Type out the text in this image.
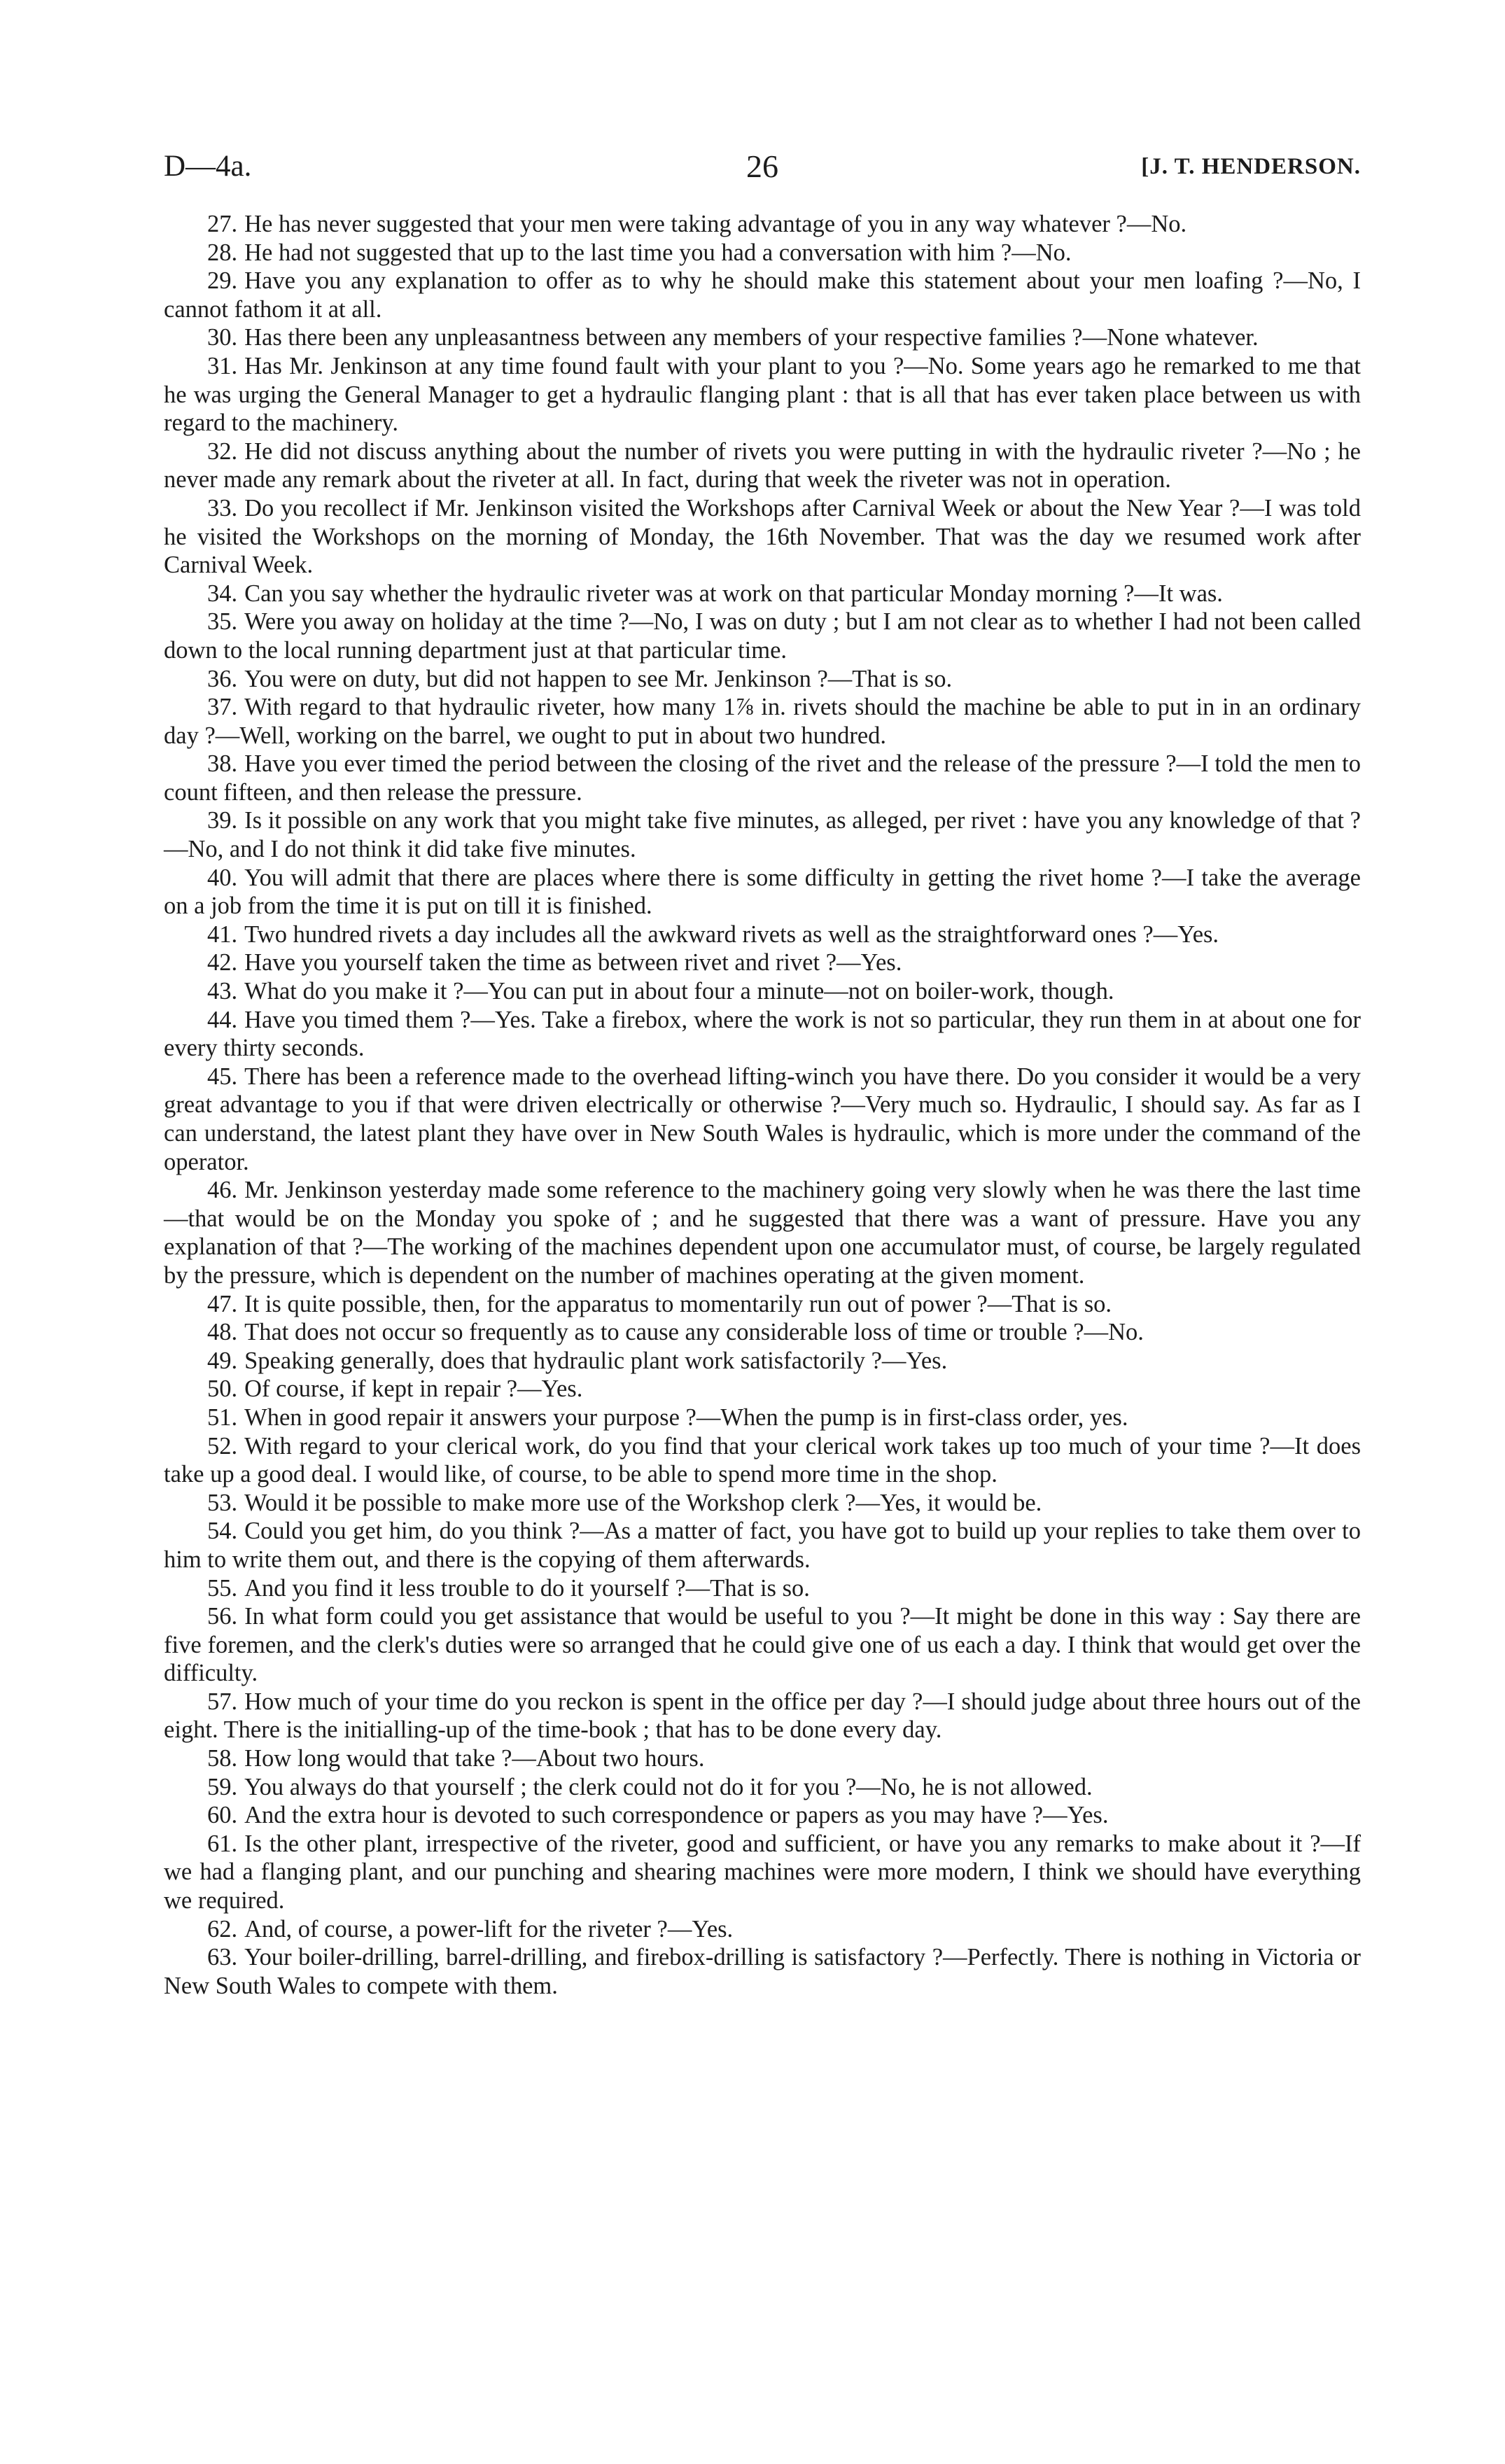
D—4a.	26	[J. T. HENDERSON.

27. He has never suggested that your men were taking advantage of you in any way whatever ?—No.

28. He had not suggested that up to the last time you had a conversation with him ?—No.

29. Have you any explanation to offer as to why he should make this statement about your men loafing ?—No, I cannot fathom it at all.

30. Has there been any unpleasantness between any members of your respective families ?—None whatever.

31. Has Mr. Jenkinson at any time found fault with your plant to you ?—No. Some years ago he remarked to me that he was urging the General Manager to get a hydraulic flanging plant : that is all that has ever taken place between us with regard to the machinery.

32. He did not discuss anything about the number of rivets you were putting in with the hydraulic riveter ?—No ; he never made any remark about the riveter at all. In fact, during that week the riveter was not in operation.

33. Do you recollect if Mr. Jenkinson visited the Workshops after Carnival Week or about the New Year ?—I was told he visited the Workshops on the morning of Monday, the 16th November. That was the day we resumed work after Carnival Week.

34. Can you say whether the hydraulic riveter was at work on that particular Monday morning ?—It was.

35. Were you away on holiday at the time ?—No, I was on duty ; but I am not clear as to whether I had not been called down to the local running department just at that particular time.

36. You were on duty, but did not happen to see Mr. Jenkinson ?—That is so.

37. With regard to that hydraulic riveter, how many 1⅞ in. rivets should the machine be able to put in in an ordinary day ?—Well, working on the barrel, we ought to put in about two hundred.

38. Have you ever timed the period between the closing of the rivet and the release of the pressure ?—I told the men to count fifteen, and then release the pressure.

39. Is it possible on any work that you might take five minutes, as alleged, per rivet : have you any knowledge of that ?—No, and I do not think it did take five minutes.

40. You will admit that there are places where there is some difficulty in getting the rivet home ?—I take the average on a job from the time it is put on till it is finished.

41. Two hundred rivets a day includes all the awkward rivets as well as the straightforward ones ?—Yes.

42. Have you yourself taken the time as between rivet and rivet ?—Yes.

43. What do you make it ?—You can put in about four a minute—not on boiler-work, though.

44. Have you timed them ?—Yes. Take a firebox, where the work is not so particular, they run them in at about one for every thirty seconds.

45. There has been a reference made to the overhead lifting-winch you have there. Do you consider it would be a very great advantage to you if that were driven electrically or otherwise ?—Very much so. Hydraulic, I should say. As far as I can understand, the latest plant they have over in New South Wales is hydraulic, which is more under the command of the operator.

46. Mr. Jenkinson yesterday made some reference to the machinery going very slowly when he was there the last time—that would be on the Monday you spoke of ; and he suggested that there was a want of pressure. Have you any explanation of that ?—The working of the machines dependent upon one accumulator must, of course, be largely regulated by the pressure, which is dependent on the number of machines operating at the given moment.

47. It is quite possible, then, for the apparatus to momentarily run out of power ?—That is so.

48. That does not occur so frequently as to cause any considerable loss of time or trouble ?—No.

49. Speaking generally, does that hydraulic plant work satisfactorily ?—Yes.

50. Of course, if kept in repair ?—Yes.

51. When in good repair it answers your purpose ?—When the pump is in first-class order, yes.

52. With regard to your clerical work, do you find that your clerical work takes up too much of your time ?—It does take up a good deal. I would like, of course, to be able to spend more time in the shop.

53. Would it be possible to make more use of the Workshop clerk ?—Yes, it would be.

54. Could you get him, do you think ?—As a matter of fact, you have got to build up your replies to take them over to him to write them out, and there is the copying of them afterwards.

55. And you find it less trouble to do it yourself ?—That is so.

56. In what form could you get assistance that would be useful to you ?—It might be done in this way : Say there are five foremen, and the clerk's duties were so arranged that he could give one of us each a day. I think that would get over the difficulty.

57. How much of your time do you reckon is spent in the office per day ?—I should judge about three hours out of the eight. There is the initialling-up of the time-book ; that has to be done every day.

58. How long would that take ?—About two hours.

59. You always do that yourself ; the clerk could not do it for you ?—No, he is not allowed.

60. And the extra hour is devoted to such correspondence or papers as you may have ?—Yes.

61. Is the other plant, irrespective of the riveter, good and sufficient, or have you any remarks to make about it ?—If we had a flanging plant, and our punching and shearing machines were more modern, I think we should have everything we required.

62. And, of course, a power-lift for the riveter ?—Yes.

63. Your boiler-drilling, barrel-drilling, and firebox-drilling is satisfactory ?—Perfectly. There is nothing in Victoria or New South Wales to compete with them.
